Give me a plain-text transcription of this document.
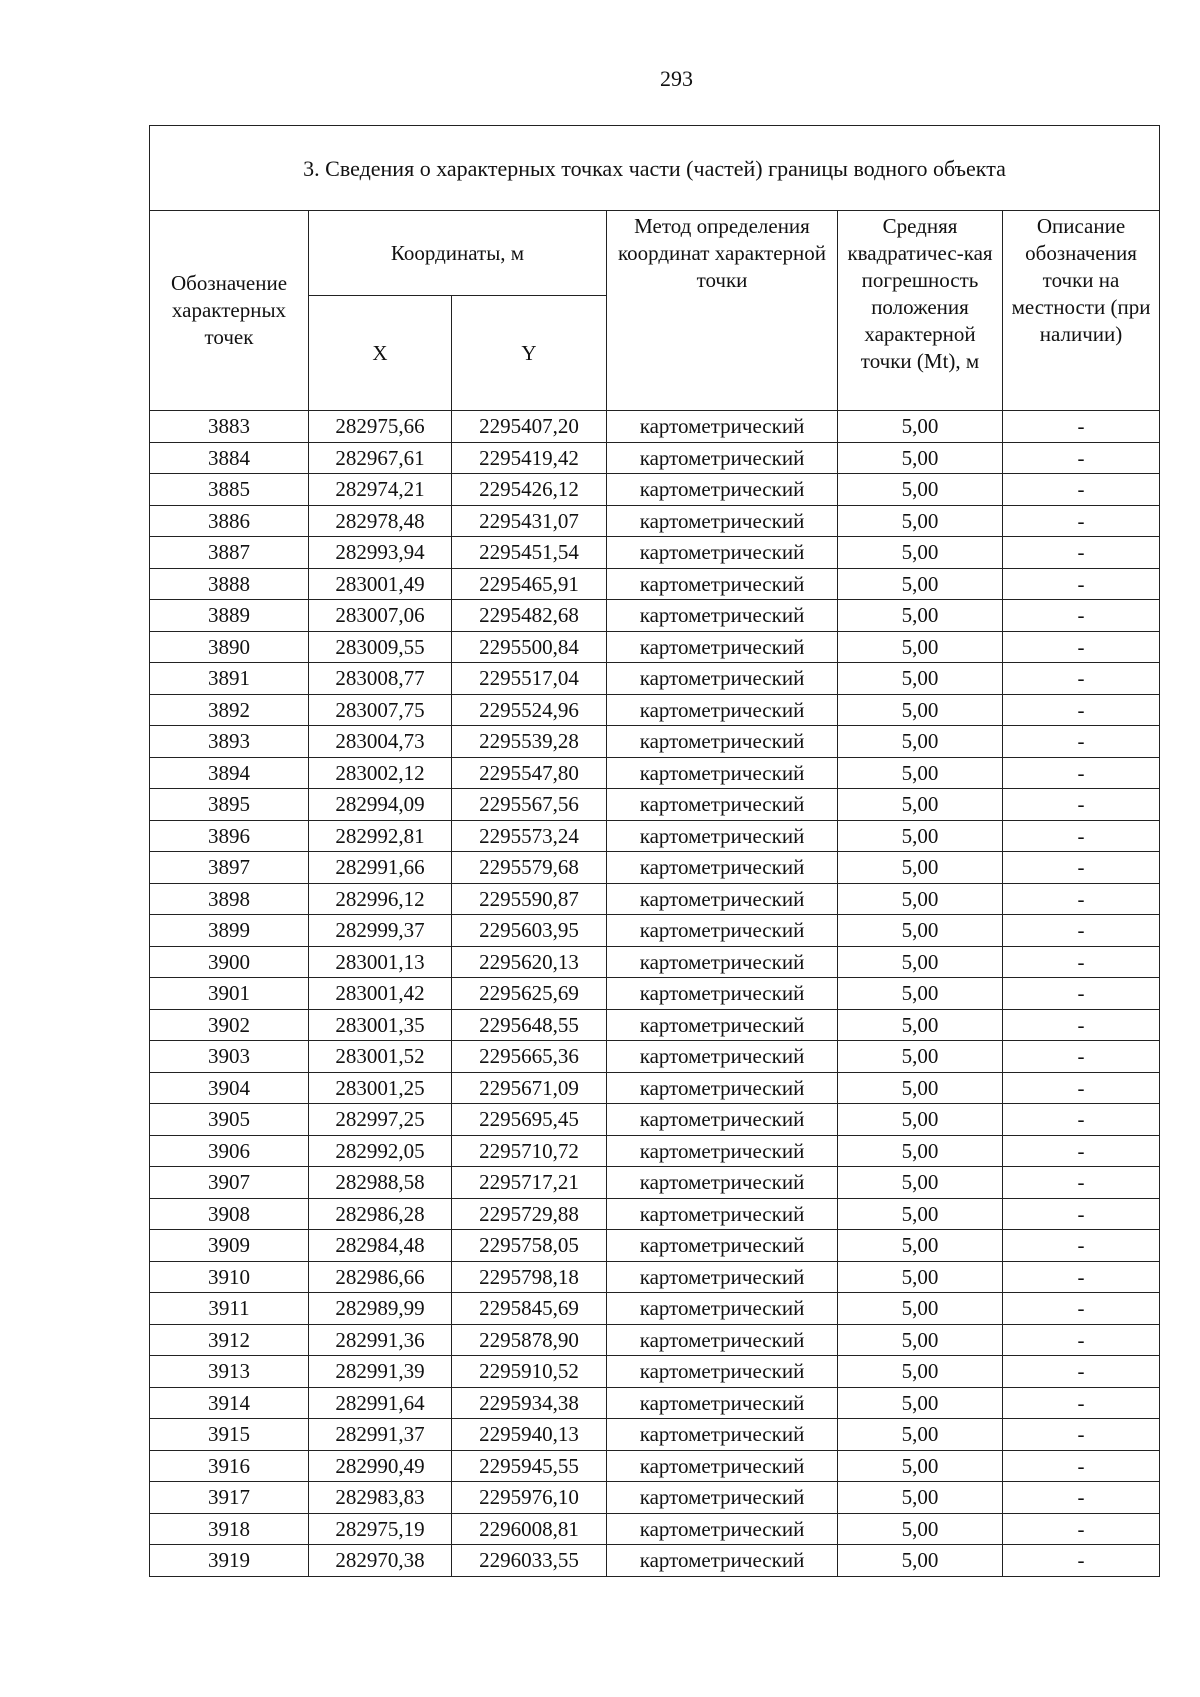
293
3. Сведения о характерных точках части (частей) границы водного объекта					
Обозначение характерных точек	Координаты, м		Метод определения координат характерной точки	Средняя квадратичес-кая погрешность положения характерной точки (Mt), м	Описание обозначения точки на местности (при наличии)
	X	Y			
3883	282975,66	2295407,20	картометрический	5,00	-
3884	282967,61	2295419,42	картометрический	5,00	-
3885	282974,21	2295426,12	картометрический	5,00	-
3886	282978,48	2295431,07	картометрический	5,00	-
3887	282993,94	2295451,54	картометрический	5,00	-
3888	283001,49	2295465,91	картометрический	5,00	-
3889	283007,06	2295482,68	картометрический	5,00	-
3890	283009,55	2295500,84	картометрический	5,00	-
3891	283008,77	2295517,04	картометрический	5,00	-
3892	283007,75	2295524,96	картометрический	5,00	-
3893	283004,73	2295539,28	картометрический	5,00	-
3894	283002,12	2295547,80	картометрический	5,00	-
3895	282994,09	2295567,56	картометрический	5,00	-
3896	282992,81	2295573,24	картометрический	5,00	-
3897	282991,66	2295579,68	картометрический	5,00	-
3898	282996,12	2295590,87	картометрический	5,00	-
3899	282999,37	2295603,95	картометрический	5,00	-
3900	283001,13	2295620,13	картометрический	5,00	-
3901	283001,42	2295625,69	картометрический	5,00	-
3902	283001,35	2295648,55	картометрический	5,00	-
3903	283001,52	2295665,36	картометрический	5,00	-
3904	283001,25	2295671,09	картометрический	5,00	-
3905	282997,25	2295695,45	картометрический	5,00	-
3906	282992,05	2295710,72	картометрический	5,00	-
3907	282988,58	2295717,21	картометрический	5,00	-
3908	282986,28	2295729,88	картометрический	5,00	-
3909	282984,48	2295758,05	картометрический	5,00	-
3910	282986,66	2295798,18	картометрический	5,00	-
3911	282989,99	2295845,69	картометрический	5,00	-
3912	282991,36	2295878,90	картометрический	5,00	-
3913	282991,39	2295910,52	картометрический	5,00	-
3914	282991,64	2295934,38	картометрический	5,00	-
3915	282991,37	2295940,13	картометрический	5,00	-
3916	282990,49	2295945,55	картометрический	5,00	-
3917	282983,83	2295976,10	картометрический	5,00	-
3918	282975,19	2296008,81	картометрический	5,00	-
3919	282970,38	2296033,55	картометрический	5,00	-
